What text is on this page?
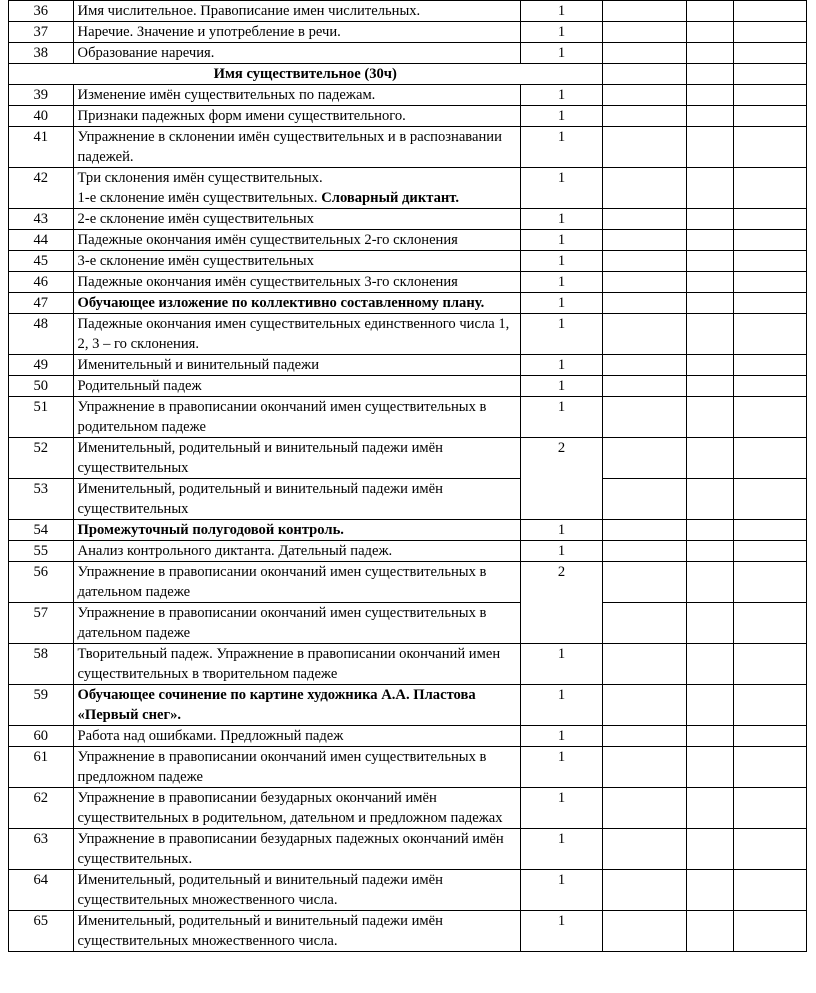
36	Имя числительное. Правописание имен числительных.	1			
37	Наречие. Значение и употребление в речи.	1			
38	Образование наречия.	1			
Имя существительное (30ч)					
39	Изменение имён существительных по падежам.	1			
40	Признаки падежных форм имени существительного.	1			
41	Упражнение в склонении имён существительных и в распознавании падежей.	1			
42	Три склонения имён существительных.
1-е склонение имён существительных. Словарный диктант.	1			
43	2-е склонение имён существительных	1			
44	Падежные окончания имён существительных 2-го склонения	1			
45	3-е склонение имён существительных	1			
46	Падежные окончания имён существительных 3-го склонения	1			
47	Обучающее изложение по коллективно составленному плану.	1			
48	Падежные окончания имен существительных единственного числа 1, 2, 3 – го склонения.	1			
49	Именительный и винительный падежи	1			
50	Родительный падеж	1			
51	Упражнение в правописании окончаний имен существительных в родительном падеже	1			
52	Именительный, родительный и винительный падежи имён существительных	2			
53	Именительный, родительный и винительный падежи имён существительных				
54	Промежуточный полугодовой контроль.	1			
55	Анализ контрольного диктанта. Дательный падеж.	1			
56	Упражнение в правописании окончаний имен существительных в дательном падеже	2			
57	Упражнение в правописании окончаний имен существительных в дательном падеже				
58	Творительный падеж. Упражнение в правописании окончаний имен существительных в творительном падеже	1			
59	Обучающее сочинение по картине художника А.А. Пластова «Первый снег».	1			
60	Работа над ошибками. Предложный падеж	1			
61	Упражнение в правописании окончаний имен существительных в предложном падеже	1			
62	Упражнение в правописании безударных окончаний имён существительных в родительном, дательном и предложном падежах	1			
63	Упражнение в правописании безударных падежных окончаний имён существительных.	1			
64	Именительный, родительный и винительный падежи имён существительных множественного числа.	1			
65	Именительный, родительный и винительный падежи имён существительных множественного числа.	1			
